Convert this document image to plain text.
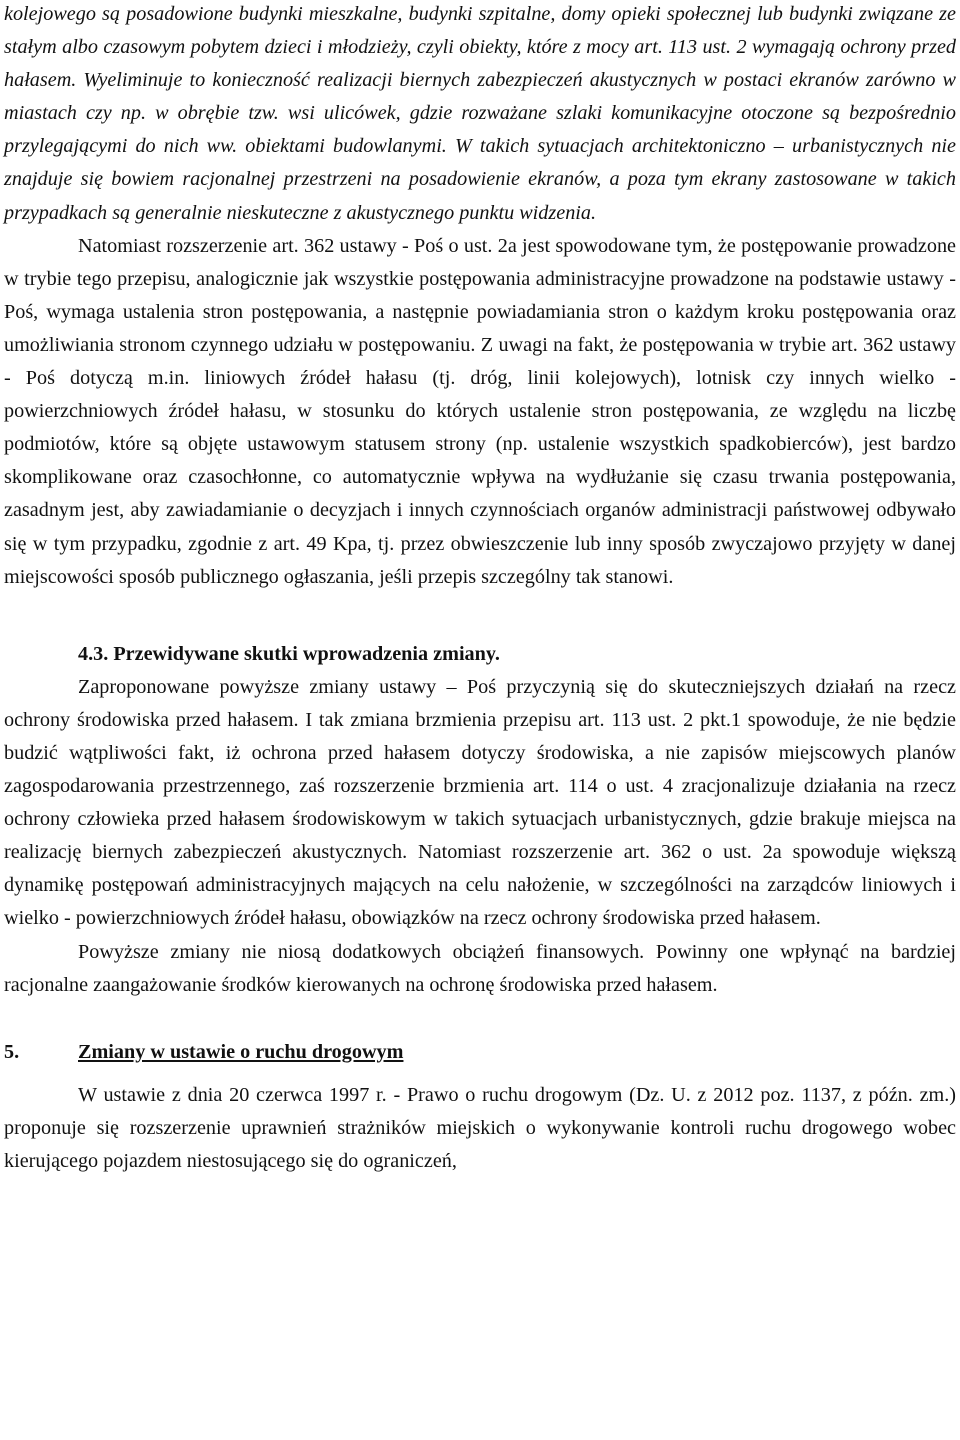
kolejowego są posadowione budynki mieszkalne, budynki szpitalne, domy opieki społecznej lub budynki związane ze stałym albo czasowym pobytem dzieci i młodzieży, czyli obiekty, które z mocy art. 113 ust. 2 wymagają ochrony przed hałasem. Wyeliminuje to konieczność realizacji biernych zabezpieczeń akustycznych w postaci ekranów zarówno w miastach czy np. w obrębie tzw. wsi ulicówek, gdzie rozważane szlaki komunikacyjne otoczone są bezpośrednio przylegającymi do nich ww. obiektami budowlanymi. W takich sytuacjach architektoniczno – urbanistycznych nie znajduje się bowiem racjonalnej przestrzeni na posadowienie ekranów, a poza tym ekrany zastosowane w takich przypadkach są generalnie nieskuteczne z akustycznego punktu widzenia.

Natomiast rozszerzenie art. 362 ustawy - Poś o ust. 2a jest spowodowane tym, że postępowanie prowadzone w trybie tego przepisu, analogicznie jak wszystkie postępowania administracyjne prowadzone na podstawie ustawy - Poś, wymaga ustalenia stron postępowania, a następnie powiadamiania stron o każdym kroku postępowania oraz umożliwiania stronom czynnego udziału w postępowaniu. Z uwagi na fakt, że postępowania w trybie art. 362 ustawy - Poś dotyczą m.in. liniowych źródeł hałasu (tj. dróg, linii kolejowych), lotnisk czy innych wielko - powierzchniowych źródeł hałasu, w stosunku do których ustalenie stron postępowania, ze względu na liczbę podmiotów, które są objęte ustawowym statusem strony (np. ustalenie wszystkich spadkobierców), jest bardzo skomplikowane oraz czasochłonne, co automatycznie wpływa na wydłużanie się czasu trwania postępowania, zasadnym jest, aby zawiadamianie o decyzjach i innych czynnościach organów administracji państwowej odbywało się w tym przypadku, zgodnie z art. 49 Kpa, tj. przez obwieszczenie lub inny sposób zwyczajowo przyjęty w danej miejscowości sposób publicznego ogłaszania, jeśli przepis szczególny tak stanowi.

4.3. Przewidywane skutki wprowadzenia zmiany.

Zaproponowane powyższe zmiany ustawy – Poś przyczynią się do skuteczniejszych działań na rzecz ochrony środowiska przed hałasem. I tak zmiana brzmienia przepisu art. 113 ust. 2 pkt.1 spowoduje, że nie będzie budzić wątpliwości fakt, iż ochrona przed hałasem dotyczy środowiska, a nie zapisów miejscowych planów zagospodarowania przestrzennego, zaś rozszerzenie brzmienia art. 114 o ust. 4 zracjonalizuje działania na rzecz ochrony człowieka przed hałasem środowiskowym w takich sytuacjach urbanistycznych, gdzie brakuje miejsca na realizację biernych zabezpieczeń akustycznych. Natomiast rozszerzenie art. 362 o ust. 2a spowoduje większą dynamikę postępowań administracyjnych mających na celu nałożenie, w szczególności na zarządców liniowych i wielko - powierzchniowych źródeł hałasu, obowiązków na rzecz ochrony środowiska przed hałasem.

Powyższe zmiany nie niosą dodatkowych obciążeń finansowych. Powinny one wpłynąć na bardziej racjonalne zaangażowanie środków kierowanych na ochronę środowiska przed hałasem.

5.	Zmiany w ustawie o ruchu drogowym

W ustawie z dnia 20 czerwca 1997 r. - Prawo o ruchu drogowym (Dz. U. z 2012 poz. 1137, z późn. zm.) proponuje się rozszerzenie uprawnień strażników miejskich o wykonywanie kontroli ruchu drogowego wobec kierującego pojazdem niestosującego się do ograniczeń,
